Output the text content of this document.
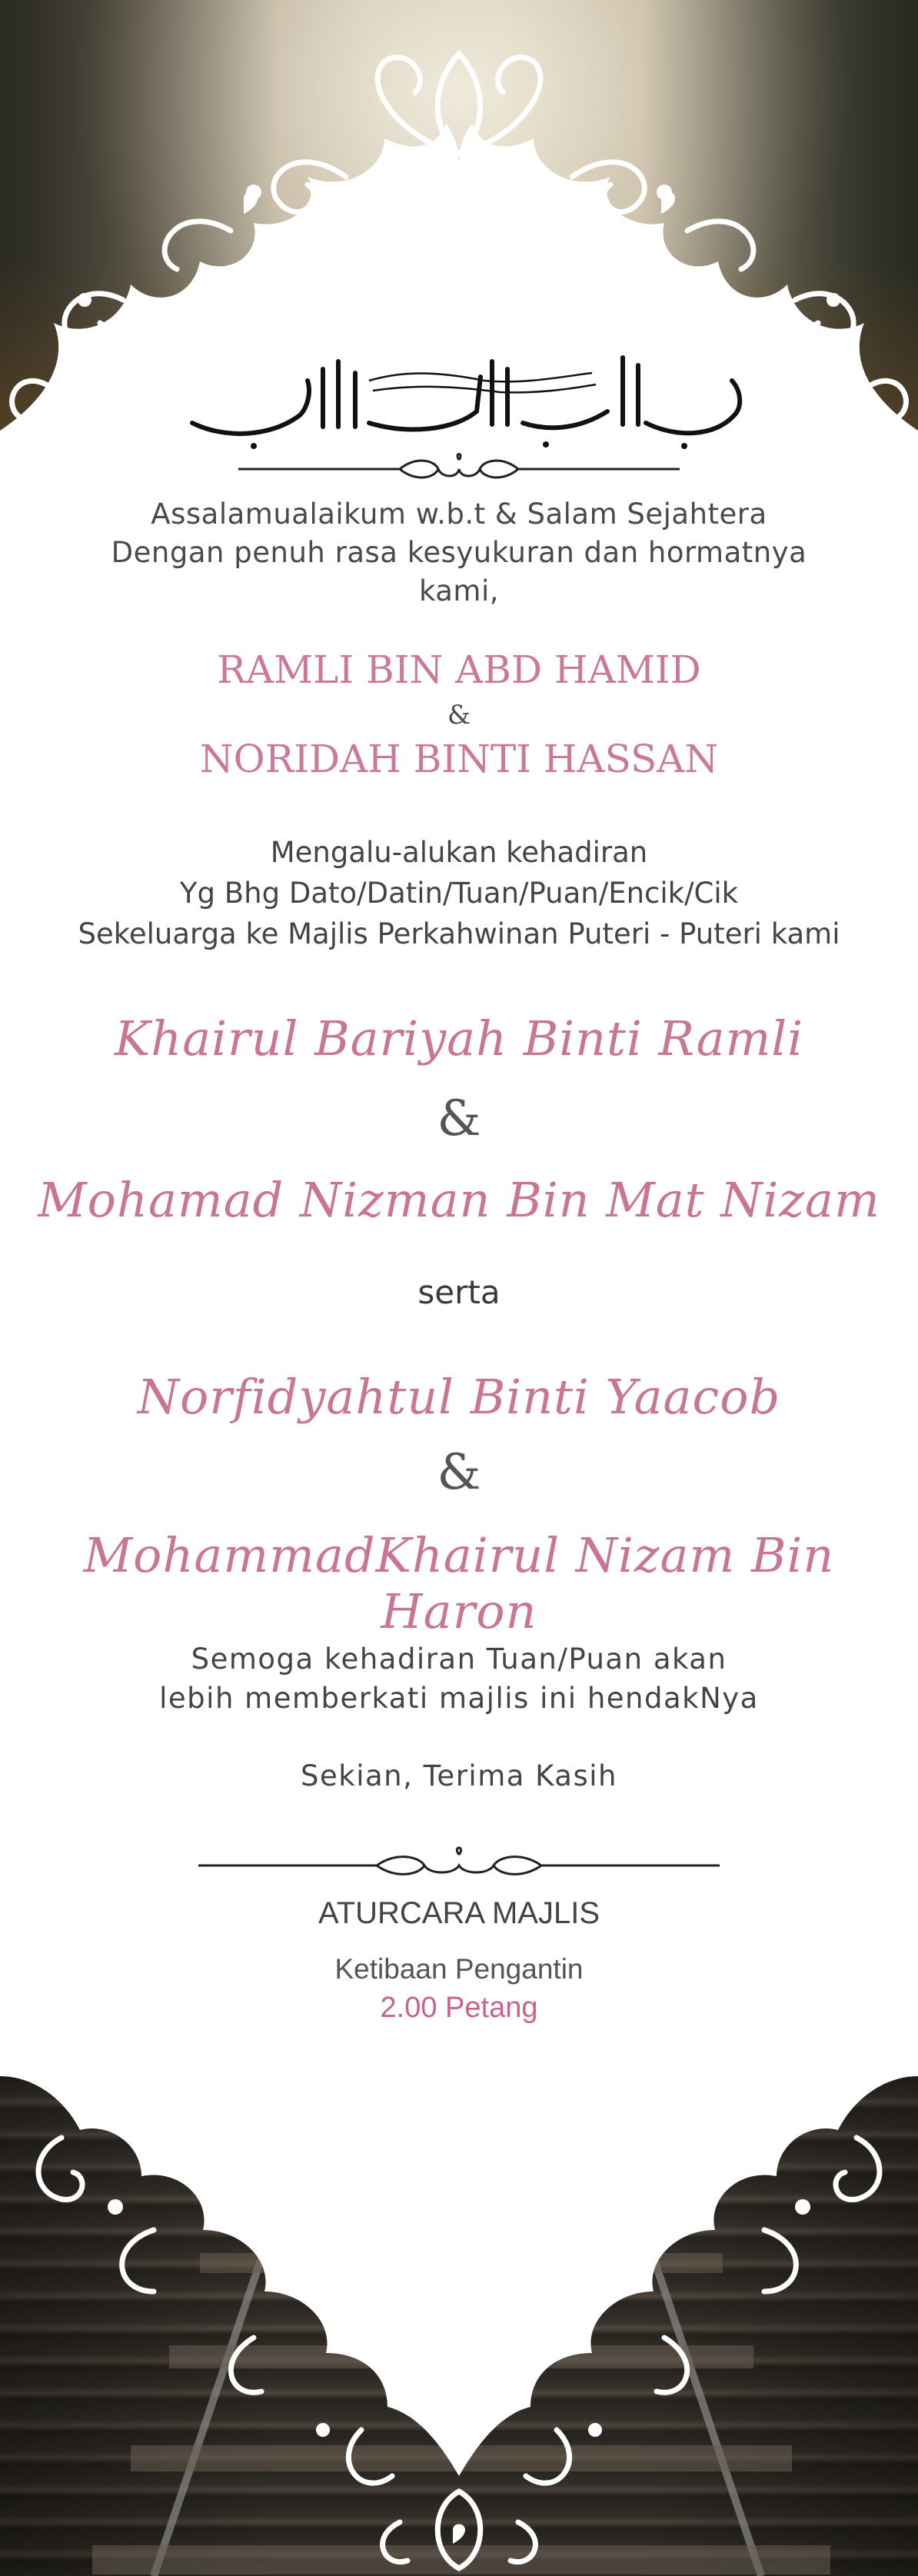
Assalamualaikum w.b.t & Salam Sejahtera
Dengan penuh rasa kesyukuran dan hormatnya
kami,
RAMLI BIN ABD HAMID
&
NORIDAH BINTI HASSAN
Mengalu-alukan kehadiran
Yg Bhg Dato/Datin/Tuan/Puan/Encik/Cik
Sekeluarga ke Majlis Perkahwinan Puteri - Puteri kami
Khairul Bariyah Binti Ramli
&
Mohamad Nizman Bin Mat Nizam
serta
Norfidyahtul Binti Yaacob
&
MohammadKhairul Nizam Bin Haron
Semoga kehadiran Tuan/Puan akan
lebih memberkati majlis ini hendakNya
Sekian, Terima Kasih
ATURCARA MAJLIS
Ketibaan Pengantin
2.00 Petang
